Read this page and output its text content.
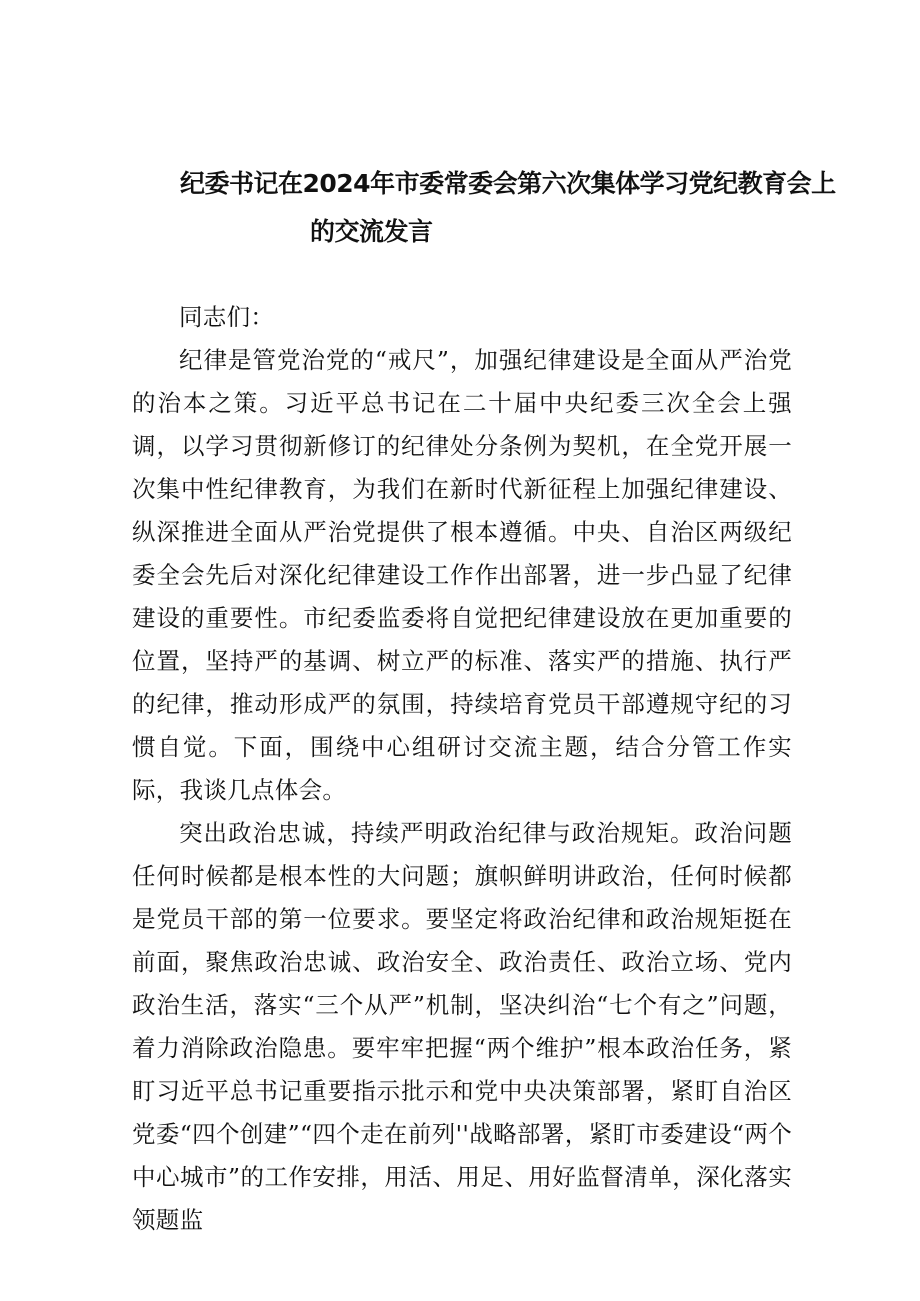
纪委书记在2024年市委常委会第六次集体学习党纪教育会上
的交流发言

同志们：

纪律是管党治党的“戒尺”，加强纪律建设是全面从严治党的治本之策。习近平总书记在二十届中央纪委三次全会上强调，以学习贯彻新修订的纪律处分条例为契机，在全党开展一次集中性纪律教育，为我们在新时代新征程上加强纪律建设、纵深推进全面从严治党提供了根本遵循。中央、自治区两级纪委全会先后对深化纪律建设工作作出部署，进一步凸显了纪律建设的重要性。市纪委监委将自觉把纪律建设放在更加重要的位置，坚持严的基调、树立严的标准、落实严的措施、执行严的纪律，推动形成严的氛围，持续培育党员干部遵规守纪的习惯自觉。下面，围绕中心组研讨交流主题，结合分管工作实际，我谈几点体会。

突出政治忠诚，持续严明政治纪律与政治规矩。政治问题任何时候都是根本性的大问题；旗帜鲜明讲政治，任何时候都是党员干部的第一位要求。要坚定将政治纪律和政治规矩挺在前面，聚焦政治忠诚、政治安全、政治责任、政治立场、党内政治生活，落实“三个从严”机制，坚决纠治“七个有之”问题，着力消除政治隐患。要牢牢把握“两个维护”根本政治任务，紧盯习近平总书记重要指示批示和党中央决策部署，紧盯自治区党委“四个创建”“四个走在前列''战略部署，紧盯市委建设“两个中心城市”的工作安排，用活、用足、用好监督清单，深化落实领题监
